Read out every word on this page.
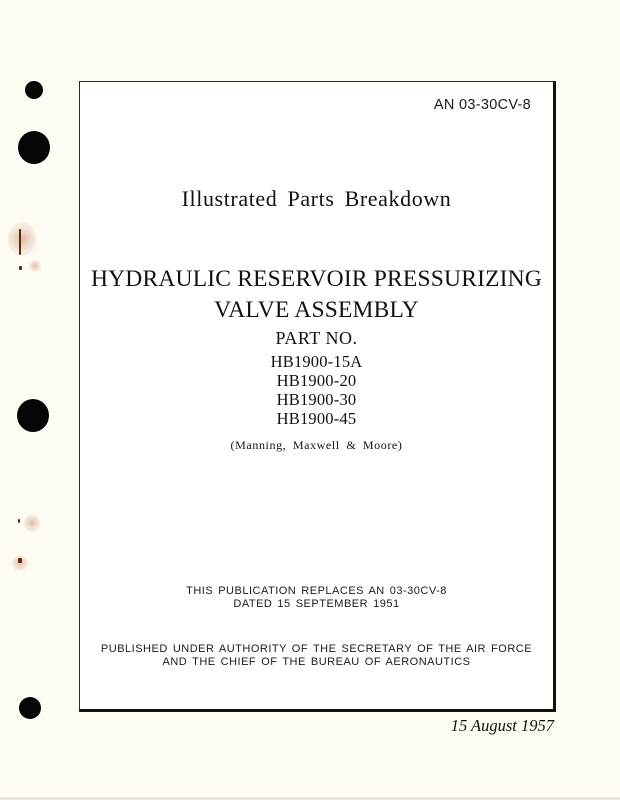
AN 03-30CV-8
Illustrated Parts Breakdown
HYDRAULIC RESERVOIR PRESSURIZING
VALVE ASSEMBLY
PART NO.
HB1900-15A
HB1900-20
HB1900-30
HB1900-45
(Manning, Maxwell & Moore)
THIS PUBLICATION REPLACES AN 03-30CV-8
DATED 15 SEPTEMBER 1951
PUBLISHED UNDER AUTHORITY OF THE SECRETARY OF THE AIR FORCE
AND THE CHIEF OF THE BUREAU OF AERONAUTICS
15 August 1957
